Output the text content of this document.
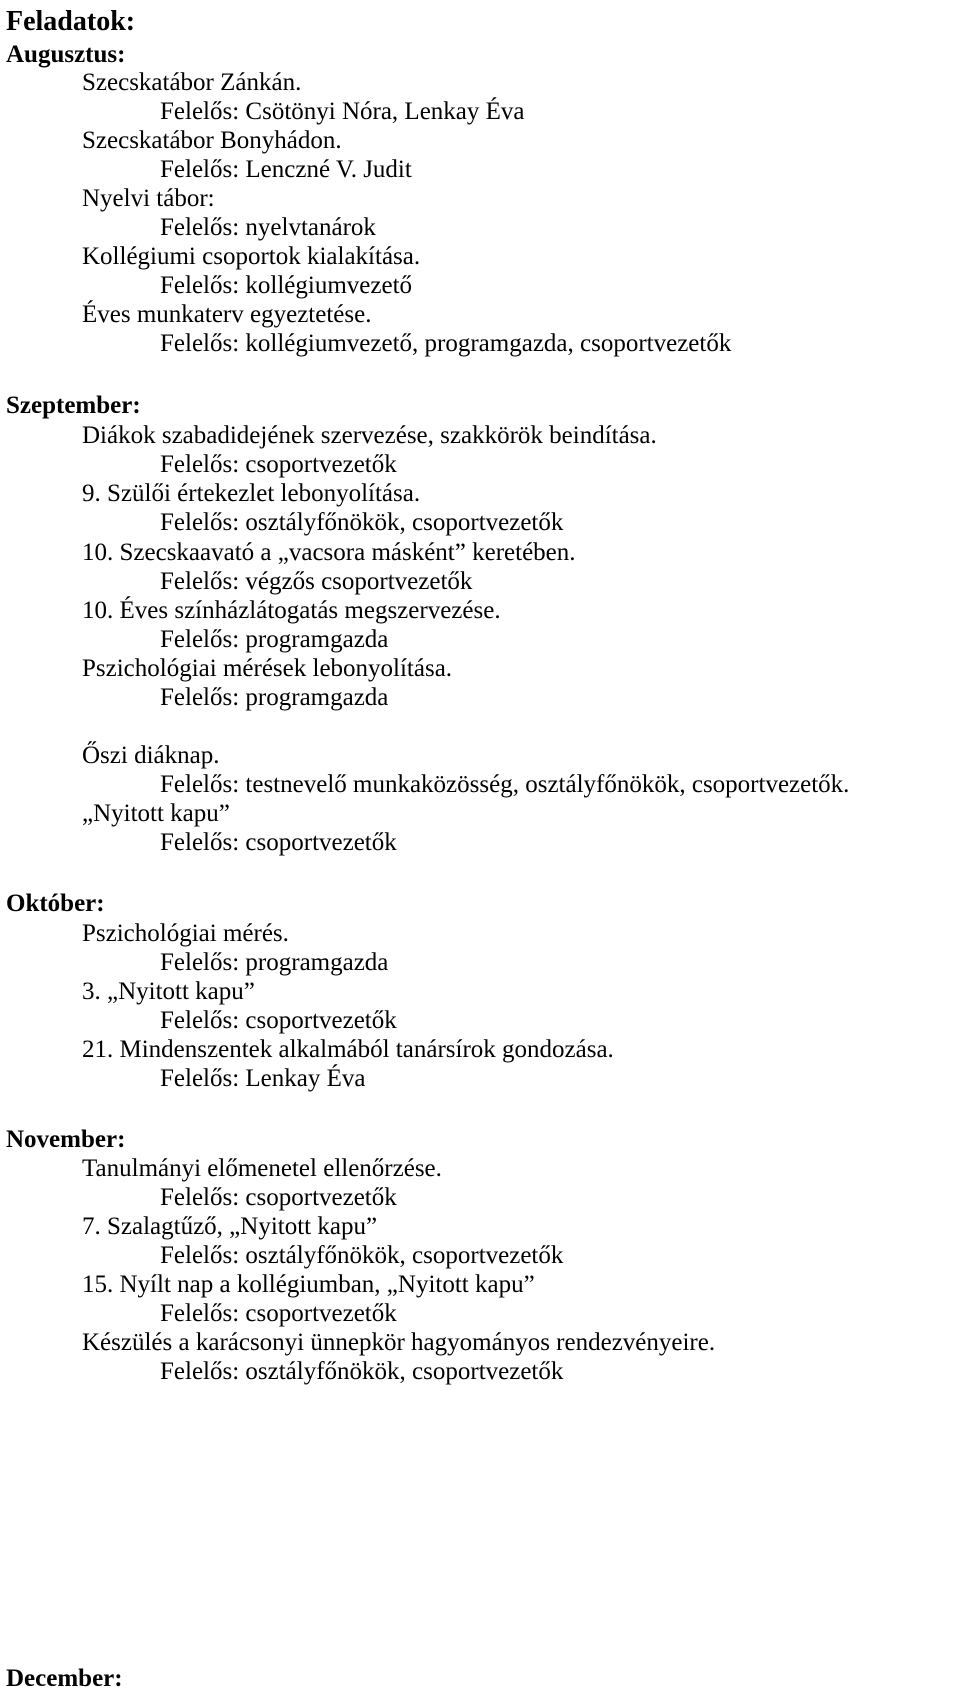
Feladatok:
Augusztus:
Szecskatábor Zánkán.
Felelős: Csötönyi Nóra, Lenkay Éva
Szecskatábor Bonyhádon.
Felelős: Lenczné V. Judit
Nyelvi tábor:
Felelős: nyelvtanárok
Kollégiumi csoportok kialakítása.
Felelős: kollégiumvezető
Éves munkaterv egyeztetése.
Felelős: kollégiumvezető, programgazda, csoportvezetők
Szeptember:
Diákok szabadidejének szervezése, szakkörök beindítása.
Felelős: csoportvezetők
9. Szülői értekezlet lebonyolítása.
Felelős: osztályfőnökök, csoportvezetők
10. Szecskaavató a „vacsora másként” keretében.
Felelős: végzős csoportvezetők
10. Éves színházlátogatás megszervezése.
Felelős: programgazda
Pszichológiai mérések lebonyolítása.
Felelős: programgazda
Őszi diáknap.
Felelős: testnevelő munkaközösség, osztályfőnökök, csoportvezetők.
„Nyitott kapu”
Felelős: csoportvezetők
Október:
Pszichológiai mérés.
Felelős: programgazda
3. „Nyitott kapu”
Felelős: csoportvezetők
21. Mindenszentek alkalmából tanársírok gondozása.
Felelős: Lenkay Éva
November:
Tanulmányi előmenetel ellenőrzése.
Felelős: csoportvezetők
7. Szalagtűző, „Nyitott kapu”
Felelős: osztályfőnökök, csoportvezetők
15. Nyílt nap a kollégiumban, „Nyitott kapu”
Felelős: csoportvezetők
Készülés a karácsonyi ünnepkör hagyományos rendezvényeire.
Felelős: osztályfőnökök, csoportvezetők
December:
